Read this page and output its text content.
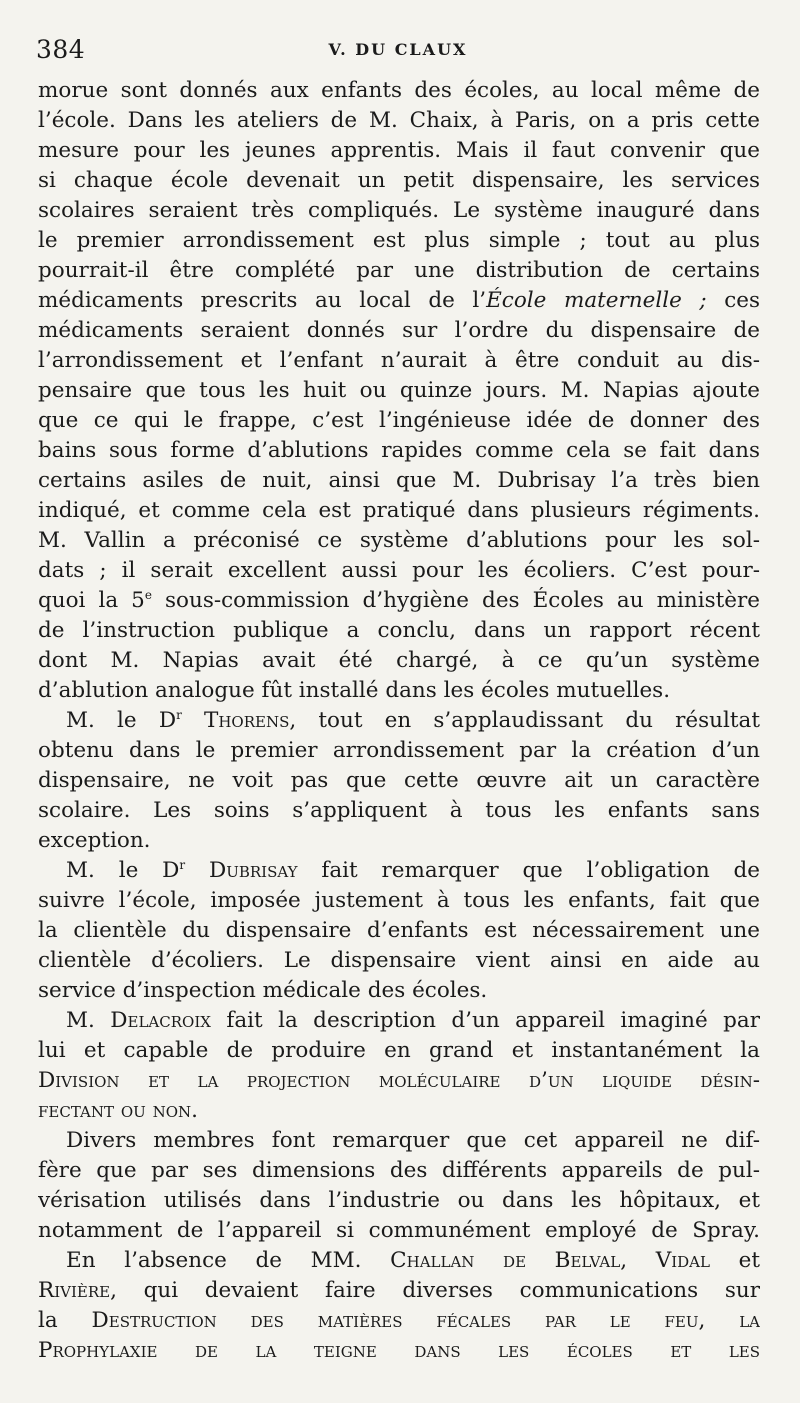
384	V. DU CLAUX
morue sont donnés aux enfants des écoles, au local même de
l’école. Dans les ateliers de M. Chaix, à Paris, on a pris cette
mesure pour les jeunes apprentis. Mais il faut convenir que
si chaque école devenait un petit dispensaire, les services
scolaires seraient très compliqués. Le système inauguré dans
le premier arrondissement est plus simple ; tout au plus
pourrait-il être complété par une distribution de certains
médicaments prescrits au local de l’École maternelle ; ces
médicaments seraient donnés sur l’ordre du dispensaire de
l’arrondissement et l’enfant n’aurait à être conduit au dis-
pensaire que tous les huit ou quinze jours. M. Napias ajoute
que ce qui le frappe, c’est l’ingénieuse idée de donner des
bains sous forme d’ablutions rapides comme cela se fait dans
certains asiles de nuit, ainsi que M. Dubrisay l’a très bien
indiqué, et comme cela est pratiqué dans plusieurs régiments.
M. Vallin a préconisé ce système d’ablutions pour les sol-
dats ; il serait excellent aussi pour les écoliers. C’est pour-
quoi la 5e sous-commission d’hygiène des Écoles au ministère
de l’instruction publique a conclu, dans un rapport récent
dont M. Napias avait été chargé, à ce qu’un système
d’ablution analogue fût installé dans les écoles mutuelles.
M. le $D^r$ Thorens, tout en s’applaudissant du résultat
obtenu dans le premier arrondissement par la création d’un
dispensaire, ne voit pas que cette œuvre ait un caractère
scolaire. Les soins s’appliquent à tous les enfants sans
exception.
M. le $D^r$ Dubrisay fait remarquer que l’obligation de
suivre l’école, imposée justement à tous les enfants, fait que
la clientèle du dispensaire d’enfants est nécessairement une
clientèle d’écoliers. Le dispensaire vient ainsi en aide au
service d’inspection médicale des écoles.
M. Delacroix fait la description d’un appareil imaginé par
lui et capable de produire en grand et instantanément la
Division et la projection moléculaire d’un liquide désin-
fectant ou non.
Divers membres font remarquer que cet appareil ne dif-
fère que par ses dimensions des différents appareils de pul-
vérisation utilisés dans l’industrie ou dans les hôpitaux, et
notamment de l’appareil si communément employé de Spray.
En l’absence de MM. Challan de Belval, Vidal et
Rivière, qui devaient faire diverses communications sur
la Destruction des matières fécales par le feu, la
Prophylaxie de la teigne dans les écoles et les
